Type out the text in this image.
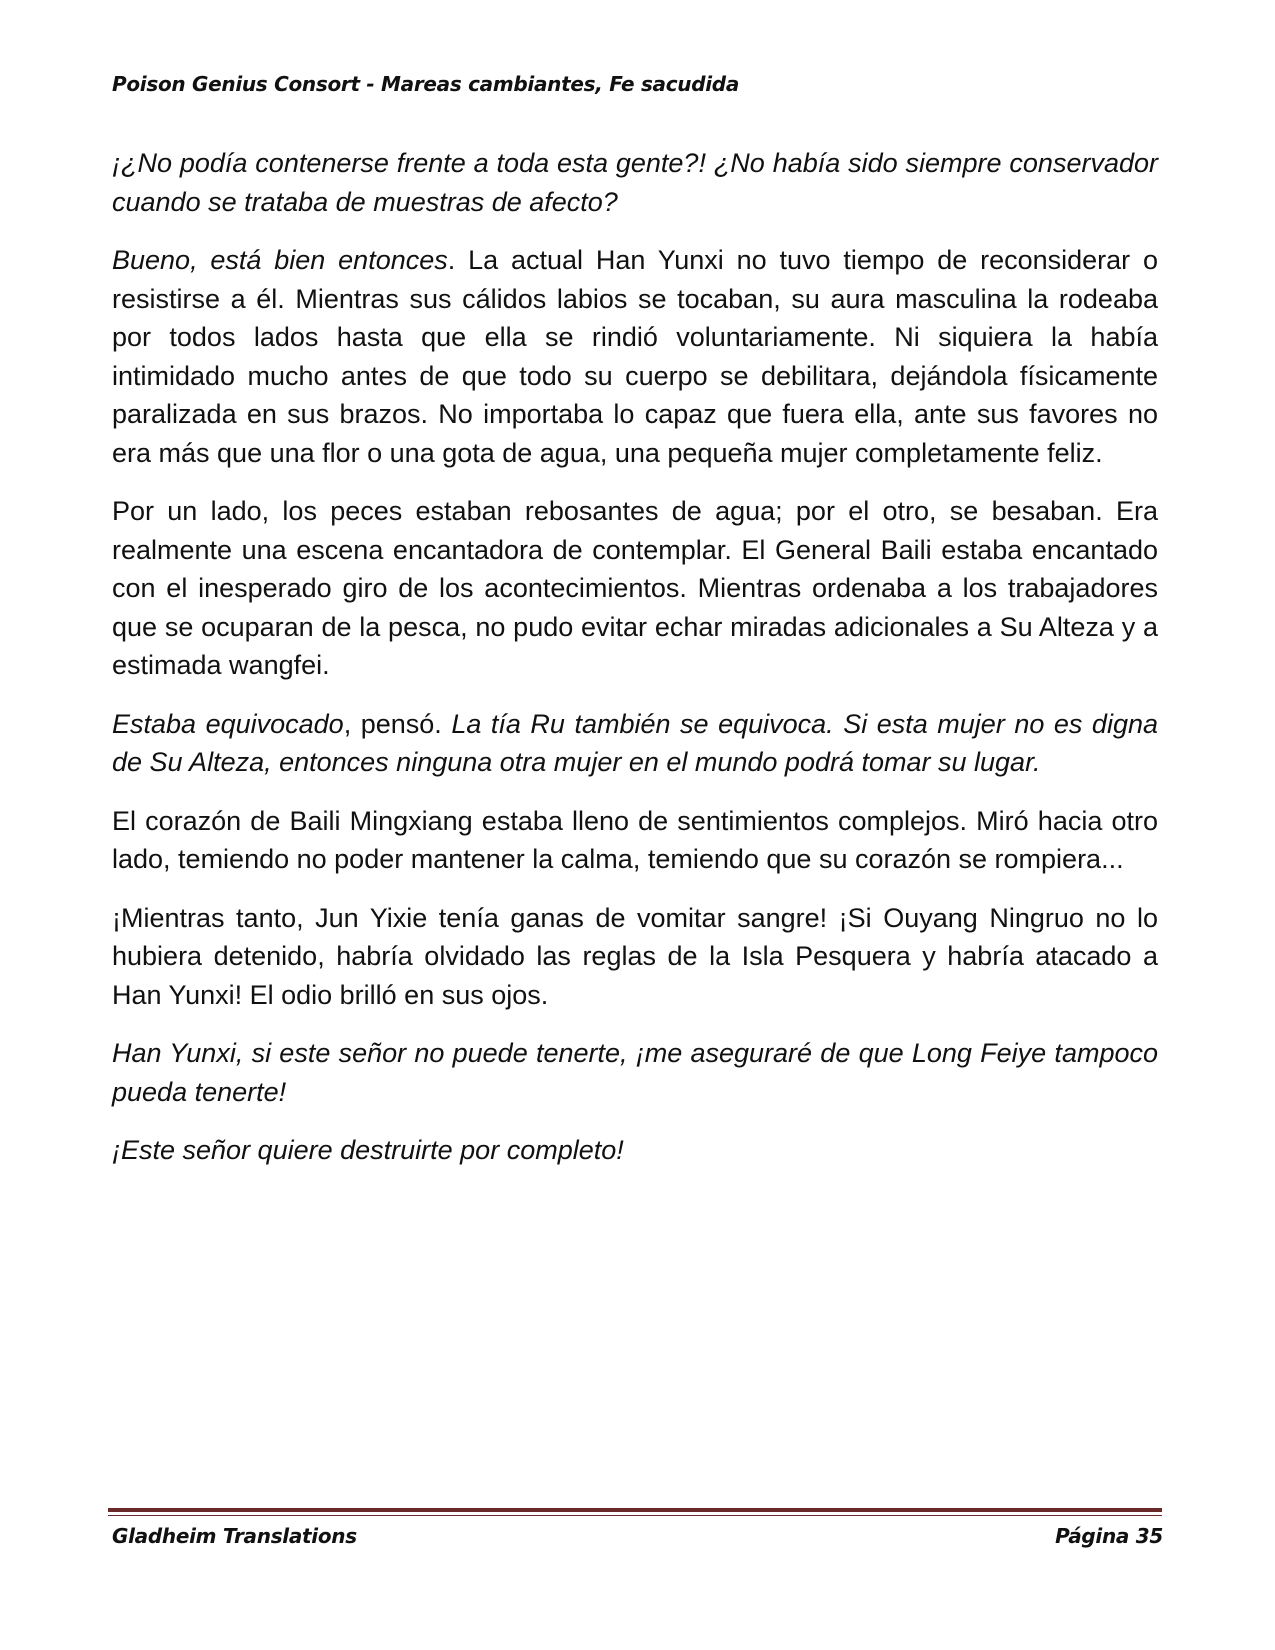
Poison Genius Consort - Mareas cambiantes, Fe sacudida

¡¿No podía contenerse frente a toda esta gente?! ¿No había sido siempre conservador cuando se trataba de muestras de afecto?

Bueno, está bien entonces. La actual Han Yunxi no tuvo tiempo de reconsiderar o resistirse a él. Mientras sus cálidos labios se tocaban, su aura masculina la rodeaba por todos lados hasta que ella se rindió voluntariamente. Ni siquiera la había intimidado mucho antes de que todo su cuerpo se debilitara, dejándola físicamente paralizada en sus brazos. No importaba lo capaz que fuera ella, ante sus favores no era más que una flor o una gota de agua, una pequeña mujer completamente feliz.

Por un lado, los peces estaban rebosantes de agua; por el otro, se besaban. Era realmente una escena encantadora de contemplar. El General Baili estaba encantado con el inesperado giro de los acontecimientos. Mientras ordenaba a los trabajadores que se ocuparan de la pesca, no pudo evitar echar miradas adicionales a Su Alteza y a estimada wangfei.

Estaba equivocado, pensó. La tía Ru también se equivoca. Si esta mujer no es digna de Su Alteza, entonces ninguna otra mujer en el mundo podrá tomar su lugar.

El corazón de Baili Mingxiang estaba lleno de sentimientos complejos. Miró hacia otro lado, temiendo no poder mantener la calma, temiendo que su corazón se rompiera...

¡Mientras tanto, Jun Yixie tenía ganas de vomitar sangre! ¡Si Ouyang Ningruo no lo hubiera detenido, habría olvidado las reglas de la Isla Pesquera y habría atacado a Han Yunxi! El odio brilló en sus ojos.

Han Yunxi, si este señor no puede tenerte, ¡me aseguraré de que Long Feiye tampoco pueda tenerte!

¡Este señor quiere destruirte por completo!

Gladheim Translations	Página 35
